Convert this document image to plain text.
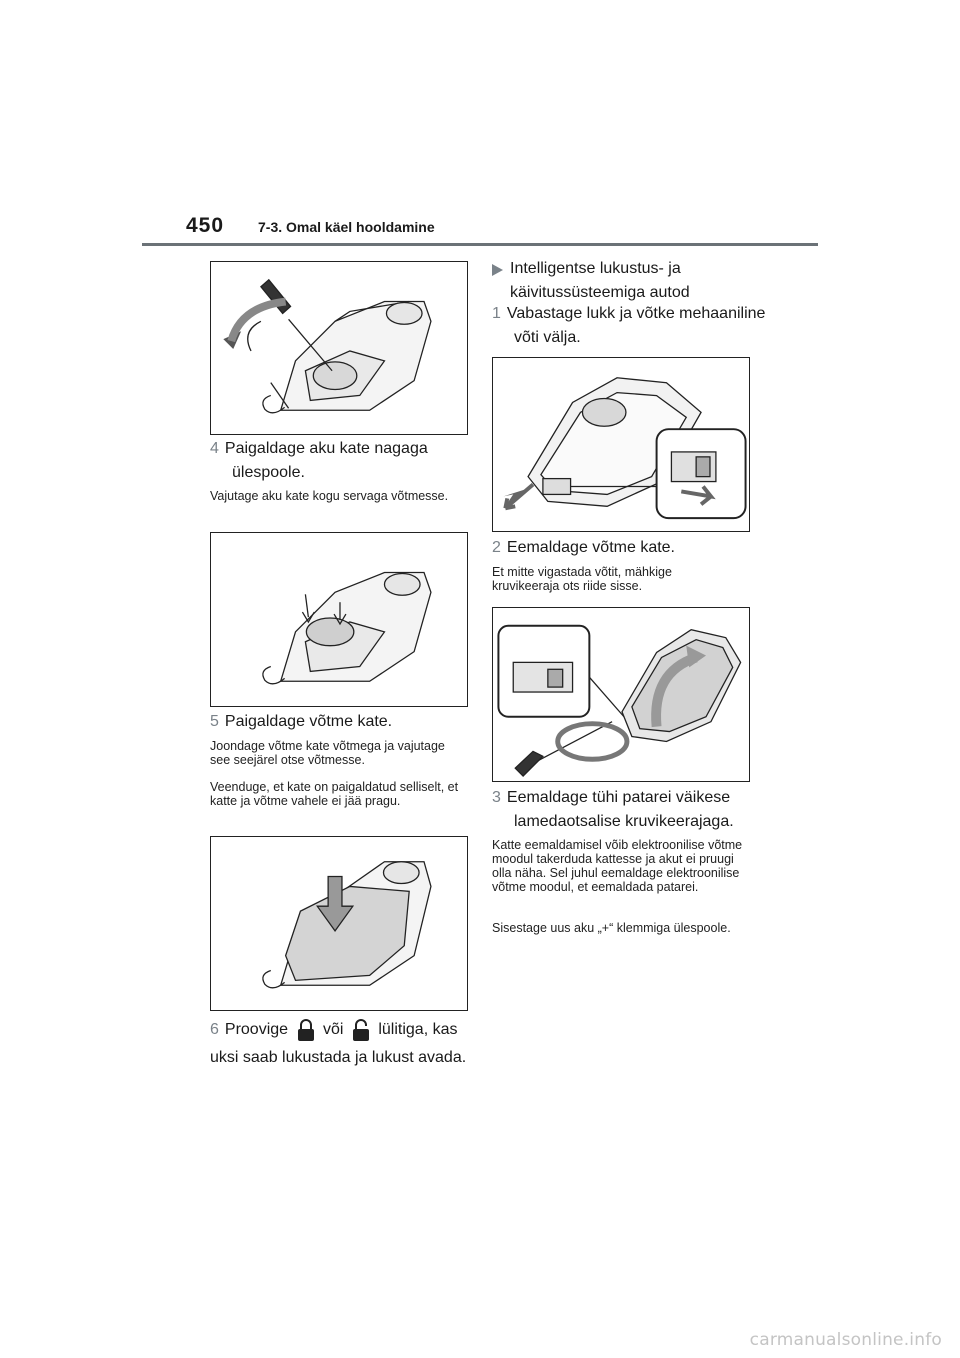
450 7-3. Omal käel hooldamine
4 Paigaldage aku kate nagaga ülespoole.
Vajutage aku kate kogu servaga võtmesse.
5 Paigaldage võtme kate.
Joondage võtme kate võtmega ja vajutage see seejärel otse võtmesse.
Veenduge, et kate on paigaldatud selliselt, et katte ja võtme vahele ei jää pragu.
6 Proovige või lülitiga, kas uksi saab lukustada ja lukust avada.
Intelligentse lukustus- ja käivitussüsteemiga autod
1 Vabastage lukk ja võtke mehaaniline võti välja.
2 Eemaldage võtme kate.
Et mitte vigastada võtit, mähkige kruvikeeraja ots riide sisse.
3 Eemaldage tühi patarei väikese lamedaotsalise kruvikeerajaga.
Katte eemaldamisel võib elektroonilise võtme moodul takerduda kattesse ja akut ei pruugi olla näha. Sel juhul eemaldage elektroonilise võtme moodul, et eemaldada patarei.
Sisestage uus aku „+“ klemmiga ülespoole.
carmanualsonline.info
